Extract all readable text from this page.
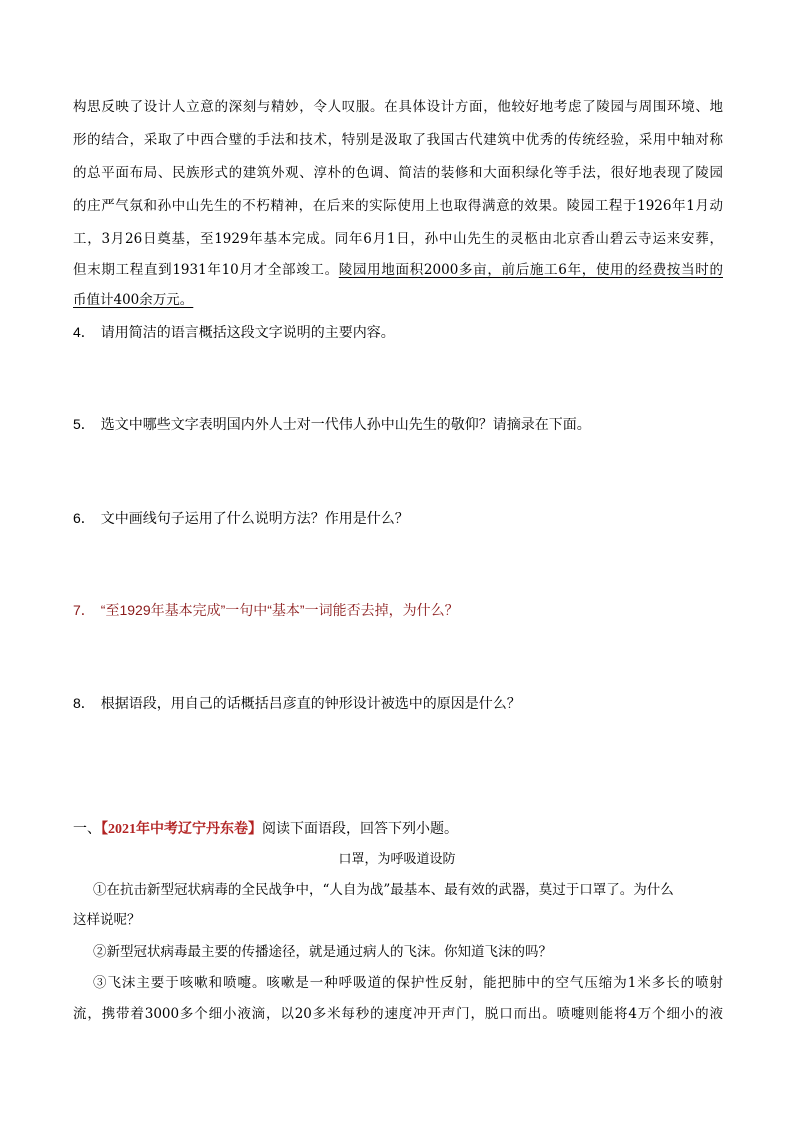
构思反映了设计人立意的深刻与精妙，令人叹服。在具体设计方面，他较好地考虑了陵园与周围环境、地

形的结合，采取了中西合璧的手法和技术，特别是汲取了我国古代建筑中优秀的传统经验，采用中轴对称

的总平面布局、民族形式的建筑外观、淳朴的色调、简洁的装修和大面积绿化等手法，很好地表现了陵园

的庄严气氛和孙中山先生的不朽精神，在后来的实际使用上也取得满意的效果。陵园工程于1926年1月动

工，3月26日奠基，至1929年基本完成。同年6月1日，孙中山先生的灵柩由北京香山碧云寺运来安葬，

但末期工程直到1931年10月才全部竣工。陵园用地面积2000多亩，前后施工6年，使用的经费按当时的

币值计400余万元。

4． 请用简洁的语言概括这段文字说明的主要内容。

5． 选文中哪些文字表明国内外人士对一代伟人孙中山先生的敬仰？请摘录在下面。

6． 文中画线句子运用了什么说明方法？作用是什么？

7． “至1929年基本完成”一句中“基本”一词能否去掉，为什么？

8． 根据语段，用自己的话概括吕彦直的钟形设计被选中的原因是什么？

一、【2021年中考辽宁丹东卷】阅读下面语段，回答下列小题。

口罩，为呼吸道设防

①在抗击新型冠状病毒的全民战争中，“人自为战”最基本、最有效的武器，莫过于口罩了。为什么

这样说呢？

②新型冠状病毒最主要的传播途径，就是通过病人的飞沫。你知道飞沫的吗？

③飞沫主要于咳嗽和喷嚏。咳嗽是一种呼吸道的保护性反射，能把肺中的空气压缩为1米多长的喷射

流，携带着3000多个细小液滴，以20多米每秒的速度冲开声门，脱口而出。喷嚏则能将4万个细小的液
